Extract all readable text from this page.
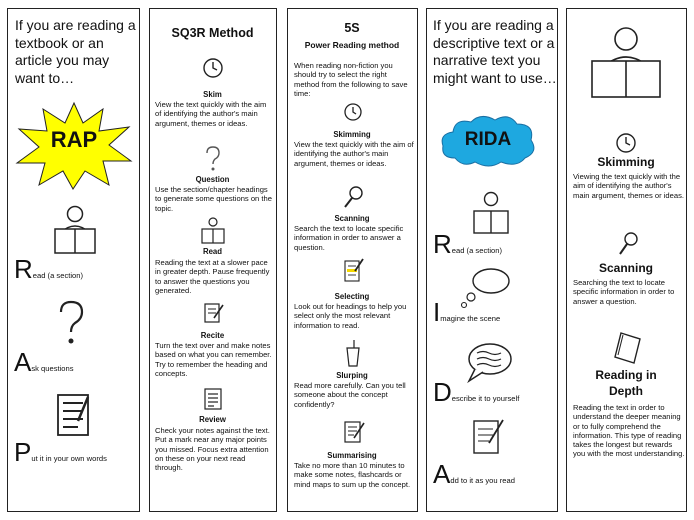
If you are reading a textbook or an article you may want to…
RAP
Read (a section)
Ask questions
Put it in your own words
SQ3R Method
Skim
View the text quickly with the aim of identifying the author's main argument, themes or ideas.
Question
Use the section/chapter headings to generate some questions on the topic.
Read
Reading the text at a slower pace in greater depth. Pause frequently to answer the questions you generated.
Recite
Turn the text over and make notes based on what you can remember. Try to remember the heading and concepts.
Review
Check your notes against the text. Put a mark near any major points you missed. Focus extra attention on these on your next read through.
5S
Power Reading method
When reading non-fiction you should try to select the right method from the following to save time:
Skimming
View the text quickly with the aim of identifying the author's main argument, themes or ideas.
Scanning
Search the text to locate specific information in order to answer a question.
Selecting
Look out for headings to help you select only the most relevant information to read.
Slurping
Read more carefully. Can you tell someone about the concept confidently?
Summarising
Take no more than 10 minutes to make some notes, flashcards or mind maps to sum up the concept.
If you are reading a descriptive text or a narrative text you might want to use…
RIDA
Read (a section)
Imagine the scene
Describe it to yourself
Add to it as you read
Skimming
Viewing the text quickly with the aim of identifying the author's main argument, themes or ideas.
Scanning
Searching the text to locate specific information in order to answer a question.
Reading in Depth
Reading the text in order to understand the deeper meaning or to fully comprehend the information. This type of reading takes the longest but rewards you with the most understanding.
